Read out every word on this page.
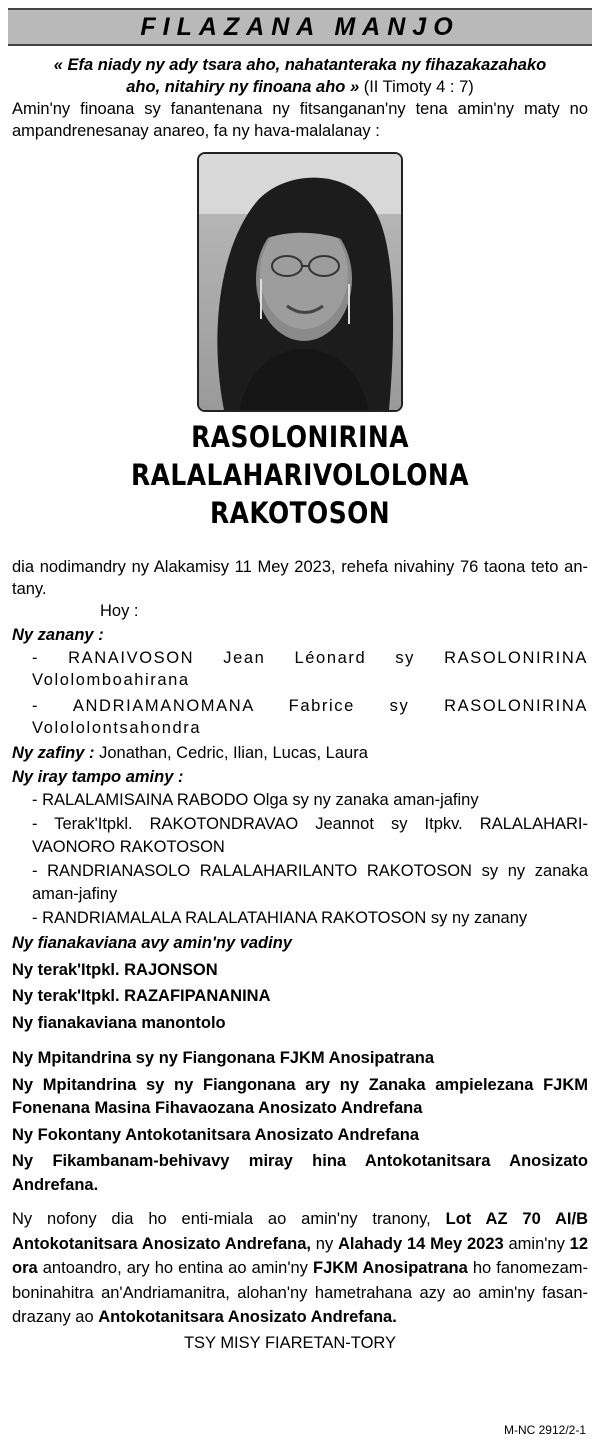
FILAZANA MANJO
« Efa niady ny ady tsara aho, nahatanteraka ny fihazakazahako
aho, nitahiry ny finoana aho » (II Timoty 4 : 7)

Amin'ny finoana sy fanantenana ny fitsanganan'ny tena amin'ny maty no ampandrenesanay anareo, fa ny hava-malalanay :

RASOLONIRINA
RALALAHARIVOLOLONA RAKOTOSON

dia nodimandry ny Alakamisy 11 Mey 2023, rehefa nivahiny 76 taona teto an-tany.

Hoy :
Ny zanany :
- RANAIVOSON Jean Léonard sy RASOLONIRINA Vololomboahirana
- ANDRIAMANOMANA Fabrice sy RASOLONIRINA Volololontsahondra
Ny zafiny : Jonathan, Cedric, Ilian, Lucas, Laura
Ny iray tampo aminy :
- RALALAMISAINA RABODO Olga sy ny zanaka aman-jafiny
- Terak'Itpkl. RAKOTONDRAVAO Jeannot sy Itpkv. RALALAHARI-VAONORO RAKOTOSON
- RANDRIANASOLO RALALAHARILANTO RAKOTOSON sy ny zanaka aman-jafiny
- RANDRIAMALALA RALALATAHIANA RAKOTOSON sy ny zanany
Ny fianakaviana avy amin'ny vadiny
Ny terak'Itpkl. RAJONSON
Ny terak'Itpkl. RAZAFIPANANINA
Ny fianakaviana manontolo
Ny Mpitandrina sy ny Fiangonana FJKM Anosipatrana
Ny Mpitandrina sy ny Fiangonana ary ny Zanaka ampielezana FJKM Fonenana Masina Fihavaozana Anosizato Andrefana
Ny Fokontany Antokotanitsara Anosizato Andrefana
Ny Fikambanam-behivavy miray hina Antokotanitsara Anosizato Andrefana.

Ny nofony dia ho enti-miala ao amin'ny tranony, Lot AZ 70 AI/B Antokotanitsara Anosizato Andrefana, ny Alahady 14 Mey 2023 amin'ny 12 ora antoandro, ary ho entina ao amin'ny FJKM Anosipatrana ho fanomezam-boninahitra an'Andriamanitra, alohan'ny hametrahana azy ao amin'ny fasan-drazany ao Antokotanitsara Anosizato Andrefana.

TSY MISY FIARETAN-TORY
M-NC 2912/2-1
